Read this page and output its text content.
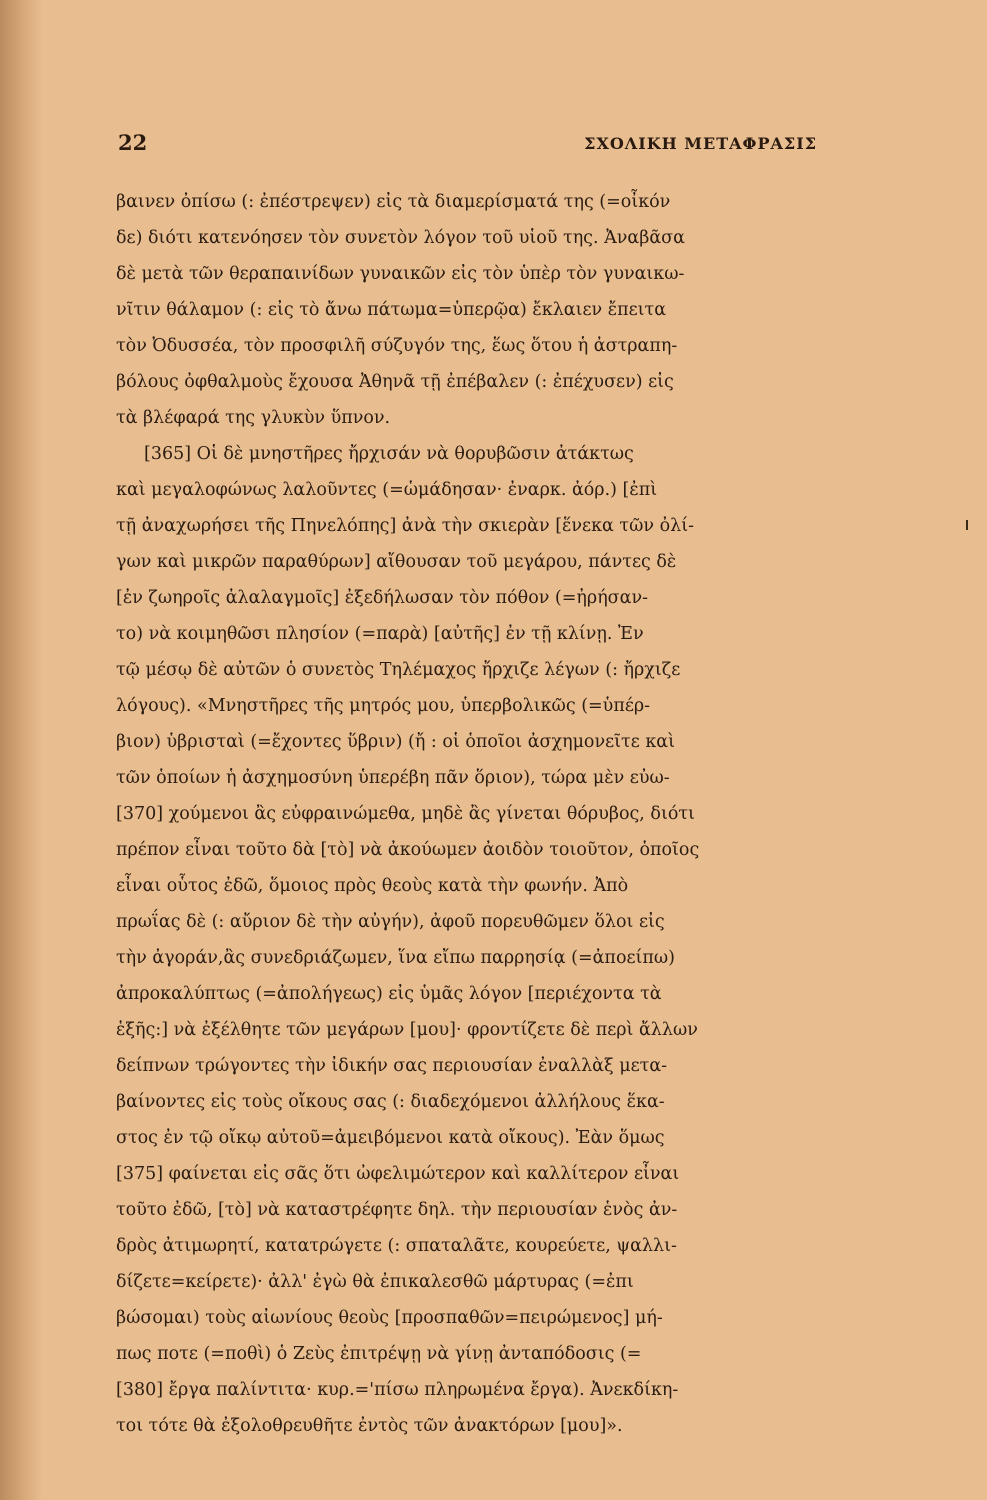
22	ΣΧΟΛΙΚΗ ΜΕΤΑΦΡΑΣΙΣ
βαινεν ὀπίσω (: ἐπέστρεψεν) εἰς τὰ διαμερίσματά της (=οἶκόν
δε) διότι κατενόησεν τὸν συνετὸν λόγον τοῦ υἱοῦ της. Ἀναβᾶσα
δὲ μετὰ τῶν θεραπαινίδων γυναικῶν εἰς τὸν ὑπὲρ τὸν γυναικω-
νῖτιν θάλαμον (: εἰς τὸ ἄνω πάτωμα=ὑπερῷα) ἔκλαιεν ἔπειτα
τὸν Ὀδυσσέα, τὸν προσφιλῆ σύζυγόν της, ἕως ὅτου ἡ ἀστραπη-
βόλους ὀφθαλμοὺς ἔχουσα Ἀθηνᾶ τῇ ἐπέβαλεν (: ἐπέχυσεν) εἰς
τὰ βλέφαρά της γλυκὺν ὕπνον.
[365] Οἱ δὲ μνηστῆρες ἤρχισάν νὰ θορυβῶσιν ἀτάκτως
καὶ μεγαλοφώνως λαλοῦντες (=ὡμάδησαν· ἐναρκ. ἀόρ.) [ἐπὶ
τῇ ἀναχωρήσει τῆς Πηνελόπης] ἀνὰ τὴν σκιερὰν [ἕνεκα τῶν ὀλί-
γων καὶ μικρῶν παραθύρων] αἴθουσαν τοῦ μεγάρου, πάντες δὲ
[ἐν ζωηροῖς ἀλαλαγμοῖς] ἐξεδήλωσαν τὸν πόθον (=ἠρήσαν-
το) νὰ κοιμηθῶσι πλησίον (=παρὰ) [αὐτῆς] ἐν τῇ κλίνῃ. Ἐν
τῷ μέσῳ δὲ αὐτῶν ὁ συνετὸς Τηλέμαχος ἤρχιζε λέγων (: ἤρχιζε
λόγους). «Μνηστῆρες τῆς μητρός μου, ὑπερβολικῶς (=ὑπέρ-
βιον) ὑβρισταὶ (=ἔχοντες ὕβριν) (ἤ : οἱ ὁποῖοι ἀσχημονεῖτε καὶ
τῶν ὁποίων ἡ ἀσχημοσύνη ὑπερέβη πᾶν ὅριον), τώρα μὲν εὐω-
[370] χούμενοι ἂς εὐφραινώμεθα, μηδὲ ἂς γίνεται θόρυβος, διότι
πρέπον εἶναι τοῦτο δὰ [τὸ] νὰ ἀκούωμεν ἀοιδὸν τοιοῦτον, ὁποῖος
εἶναι οὗτος ἐδῶ, ὅμοιος πρὸς θεοὺς κατὰ τὴν φωνήν. Ἀπὸ
πρωΐας δὲ (: αὔριον δὲ τὴν αὐγήν), ἀφοῦ πορευθῶμεν ὅλοι εἰς
τὴν ἀγοράν,ἂς συνεδριάζωμεν, ἵνα εἴπω παρρησίᾳ (=ἀποείπω)
ἀπροκαλύπτως (=ἀπολήγεως) εἰς ὑμᾶς λόγον [περιέχοντα τὰ
ἑξῆς:] νὰ ἐξέλθητε τῶν μεγάρων [μου]· φροντίζετε δὲ περὶ ἄλλων
δείπνων τρώγοντες τὴν ἰδικήν σας περιουσίαν ἐναλλὰξ μετα-
βαίνοντες εἰς τοὺς οἴκους σας (: διαδεχόμενοι ἀλλήλους ἕκα-
στος ἐν τῷ οἴκῳ αὐτοῦ=ἀμειβόμενοι κατὰ οἴκους). Ἐὰν ὅμως
[375] φαίνεται εἰς σᾶς ὅτι ὠφελιμώτερον καὶ καλλίτερον εἶναι
τοῦτο ἐδῶ, [τὸ] νὰ καταστρέφητε δηλ. τὴν περιουσίαν ἑνὸς ἀν-
δρὸς ἀτιμωρητί, κατατρώγετε (: σπαταλᾶτε, κουρεύετε, ψαλλι-
δίζετε=κείρετε)· ἀλλ' ἐγὼ θὰ ἐπικαλεσθῶ μάρτυρας (=ἐπι
βώσομαι) τοὺς αἰωνίους θεοὺς [προσπαθῶν=πειρώμενος] μή-
πως ποτε (=ποθὶ) ὁ Ζεὺς ἐπιτρέψῃ νὰ γίνῃ ἀνταπόδοσις (=
[380] ἔργα παλίντιτα· κυρ.='πίσω πληρωμένα ἔργα). Ἀνεκδίκη-
τοι τότε θὰ ἐξολοθρευθῆτε ἐντὸς τῶν ἀνακτόρων [μου]».
